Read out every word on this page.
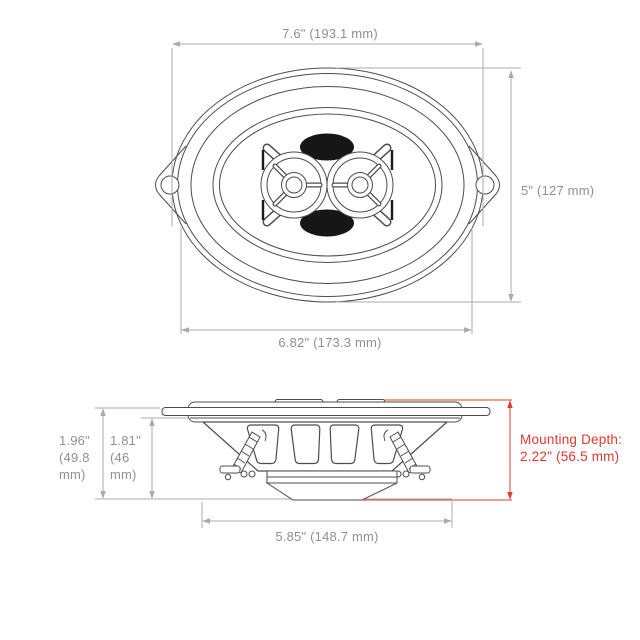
7.6" (193.1 mm)
5" (127 mm)
6.82" (173.3 mm)
1.96"
(49.8
mm)
1.81"
(46
mm)
5.85" (148.7 mm)
Mounting Depth:
2.22" (56.5 mm)
